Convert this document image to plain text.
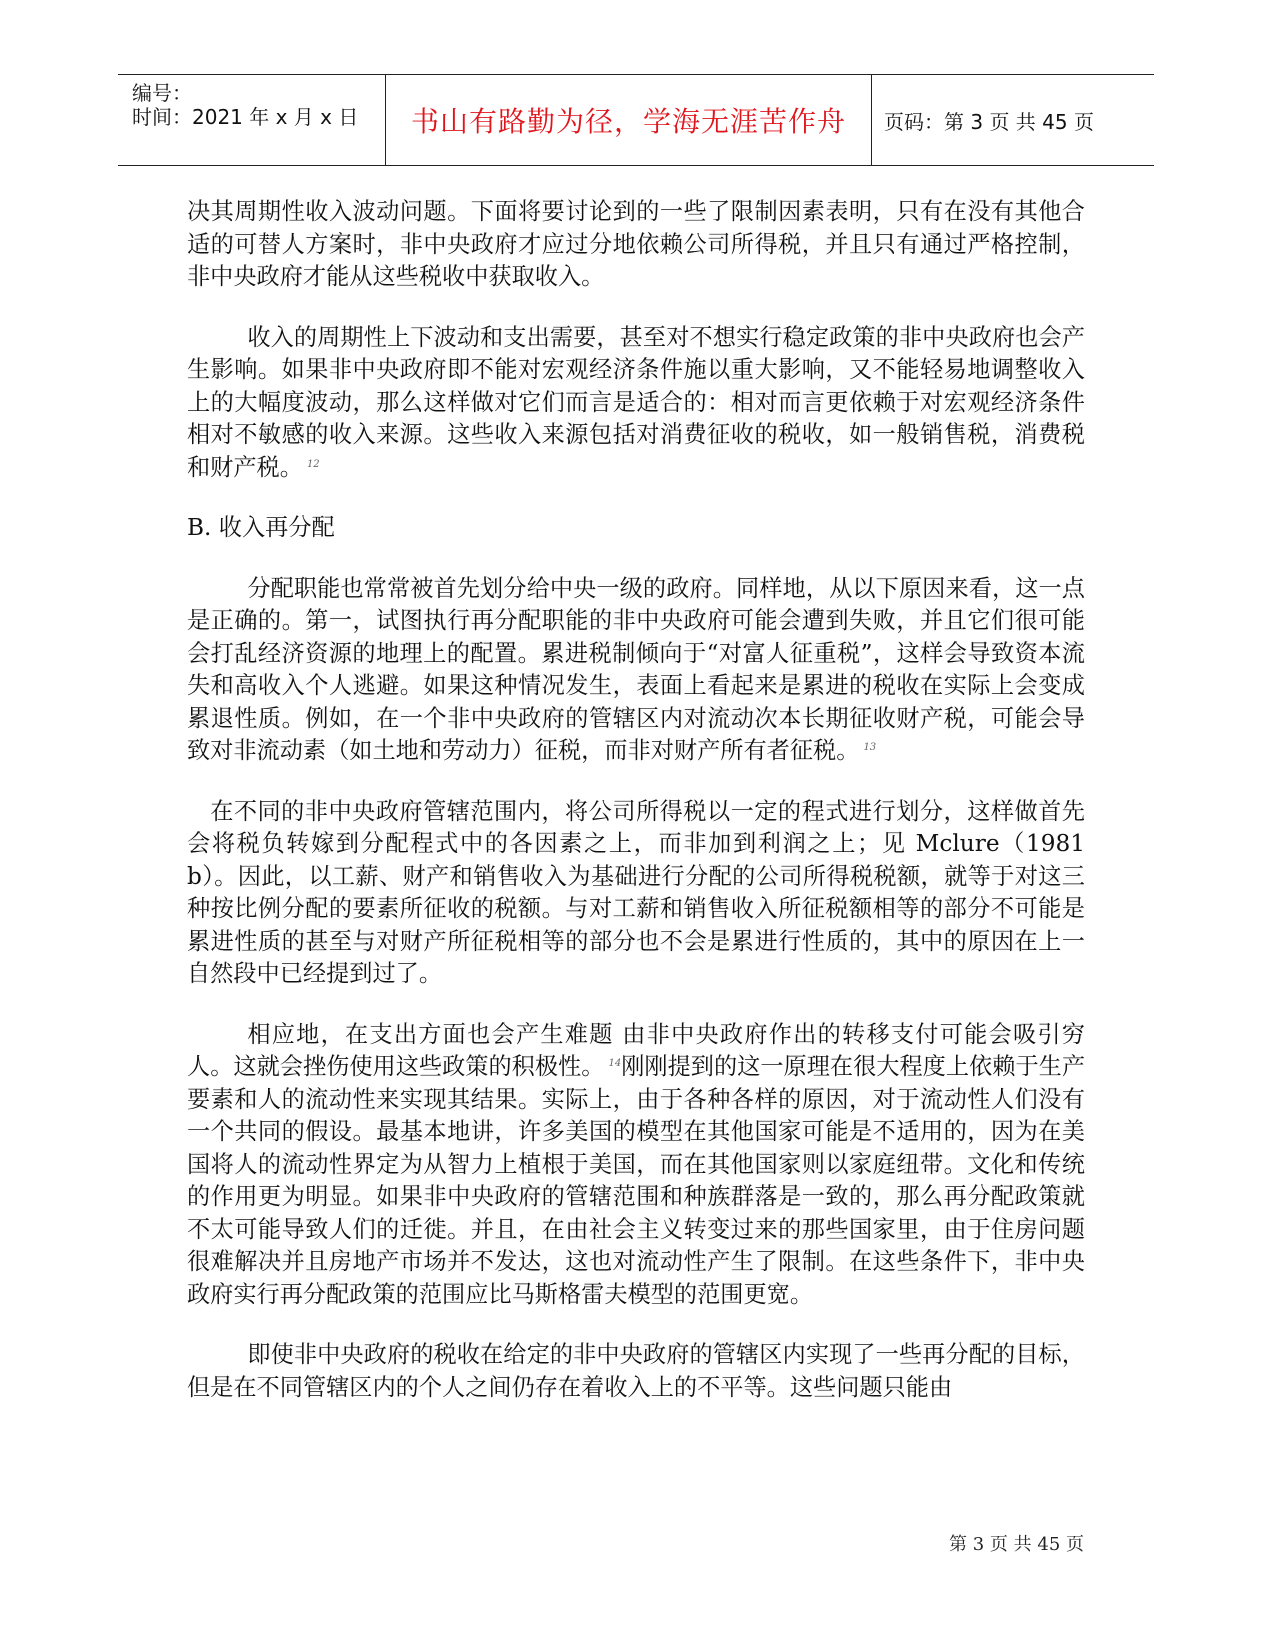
编号：
时间：2021 年 x 月 x 日	书山有路勤为径，学海无涯苦作舟	页码：第 3 页 共 45 页

决其周期性收入波动问题。下面将要讨论到的一些了限制因素表明，只有在没有其他合适的可替人方案时，非中央政府才应过分地依赖公司所得税，并且只有通过严格控制，非中央政府才能从这些税收中获取收入。

收入的周期性上下波动和支出需要，甚至对不想实行稳定政策的非中央政府也会产生影响。如果非中央政府即不能对宏观经济条件施以重大影响，又不能轻易地调整收入上的大幅度波动，那么这样做对它们而言是适合的：相对而言更依赖于对宏观经济条件相对不敏感的收入来源。这些收入来源包括对消费征收的税收，如一般销售税，消费税和财产税。 $^{12}$

B. 收入再分配

分配职能也常常被首先划分给中央一级的政府。同样地，从以下原因来看，这一点是正确的。第一，试图执行再分配职能的非中央政府可能会遭到失败，并且它们很可能会打乱经济资源的地理上的配置。累进税制倾向于“对富人征重税”，这样会导致资本流失和高收入个人逃避。如果这种情况发生，表面上看起来是累进的税收在实际上会变成累退性质。例如，在一个非中央政府的管辖区内对流动次本长期征收财产税，可能会导致对非流动素（如土地和劳动力）征税，而非对财产所有者征税。 $^{13}$

在不同的非中央政府管辖范围内，将公司所得税以一定的程式进行划分，这样做首先会将税负转嫁到分配程式中的各因素之上，而非加到利润之上；见 Mclure（1981 b）。因此，以工薪、财产和销售收入为基础进行分配的公司所得税税额，就等于对这三种按比例分配的要素所征收的税额。与对工薪和销售收入所征税额相等的部分不可能是累进性质的甚至与对财产所征税相等的部分也不会是累进行性质的，其中的原因在上一自然段中已经提到过了。

相应地，在支出方面也会产生难题 由非中央政府作出的转移支付可能会吸引穷人。这就会挫伤使用这些政策的积极性。 $^{14}$刚刚提到的这一原理在很大程度上依赖于生产要素和人的流动性来实现其结果。实际上，由于各种各样的原因，对于流动性人们没有一个共同的假设。最基本地讲，许多美国的模型在其他国家可能是不适用的，因为在美国将人的流动性界定为从智力上植根于美国，而在其他国家则以家庭纽带。文化和传统的作用更为明显。如果非中央政府的管辖范围和种族群落是一致的，那么再分配政策就不太可能导致人们的迁徙。并且，在由社会主义转变过来的那些国家里，由于住房问题很难解决并且房地产市场并不发达，这也对流动性产生了限制。在这些条件下，非中央政府实行再分配政策的范围应比马斯格雷夫模型的范围更宽。

即使非中央政府的税收在给定的非中央政府的管辖区内实现了一些再分配的目标，但是在不同管辖区内的个人之间仍存在着收入上的不平等。这些问题只能由

第 3 页 共 45 页
